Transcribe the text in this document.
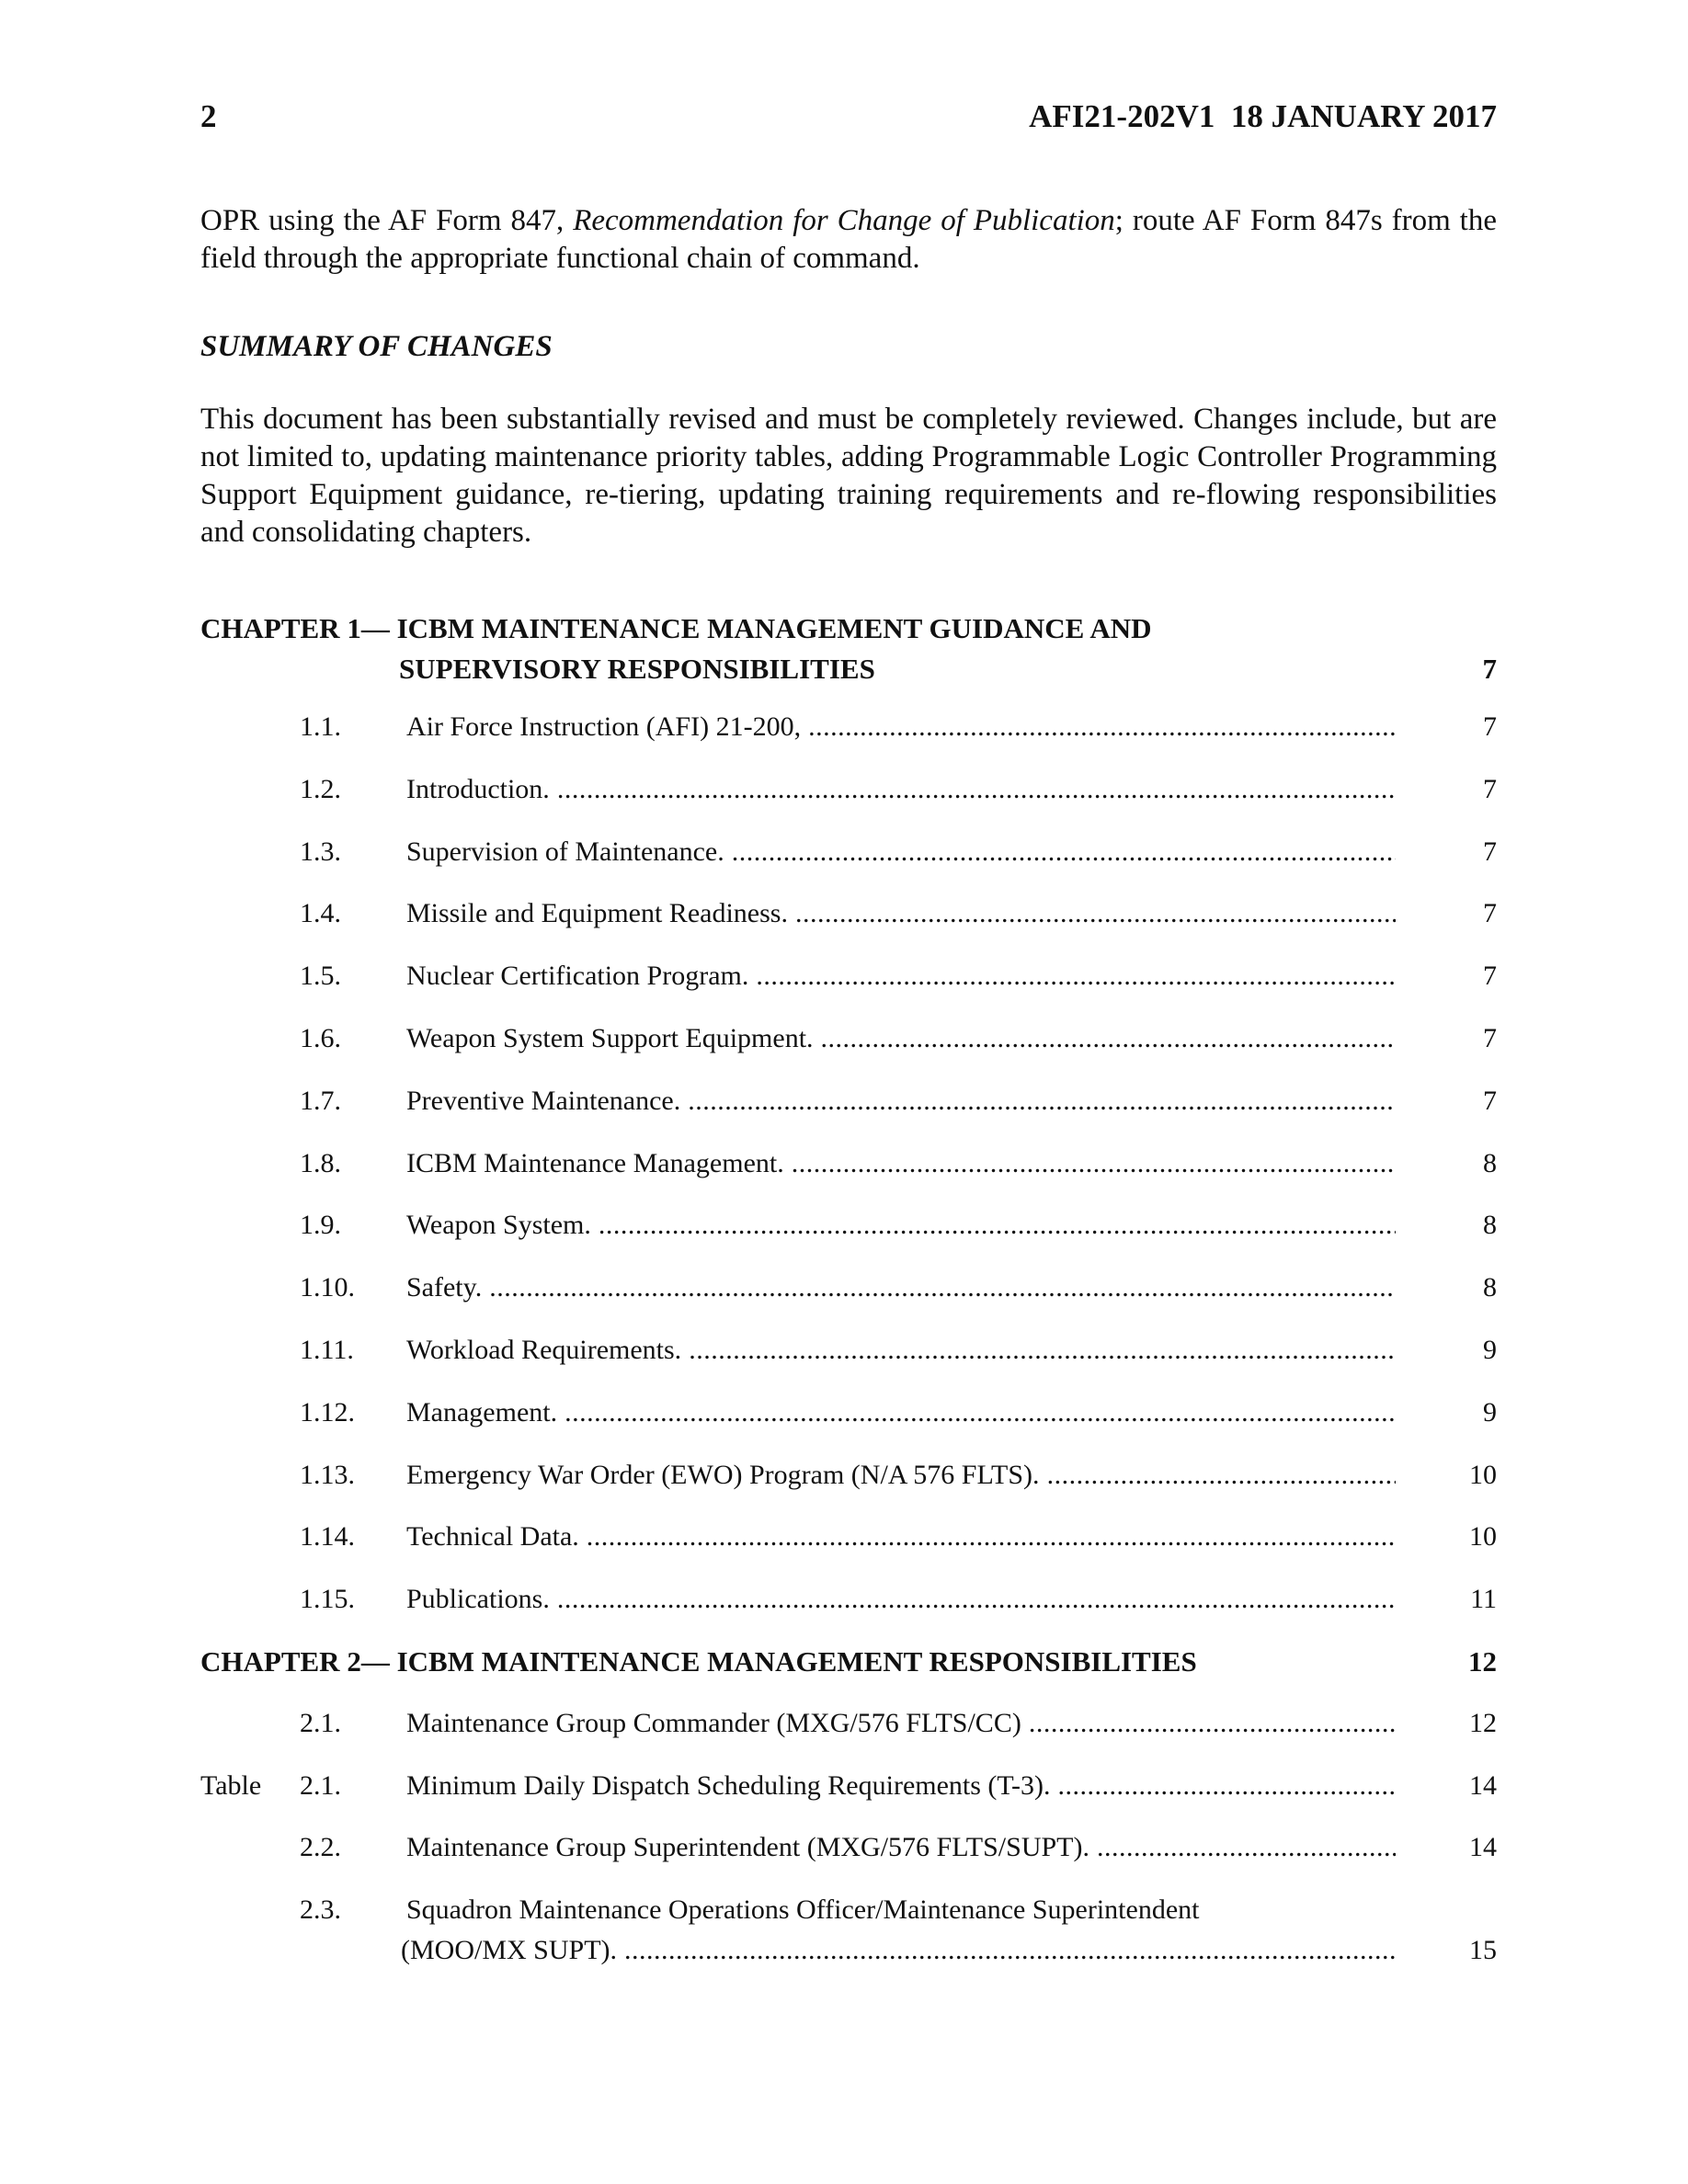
2	AFI21-202V1  18 JANUARY 2017
OPR using the AF Form 847, Recommendation for Change of Publication; route AF Form 847s from the field through the appropriate functional chain of command.
SUMMARY OF CHANGES
This document has been substantially revised and must be completely reviewed. Changes include, but are not limited to, updating maintenance priority tables, adding Programmable Logic Controller Programming Support Equipment guidance, re-tiering, updating training requirements and re-flowing responsibilities and consolidating chapters.
CHAPTER 1— ICBM MAINTENANCE MANAGEMENT GUIDANCE AND
SUPERVISORY RESPONSIBILITIES	7
1.1. Air Force Instruction (AFI) 21-200, .....	7
1.2. Introduction. .....	7
1.3. Supervision of Maintenance. .....	7
1.4. Missile and Equipment Readiness. .....	7
1.5. Nuclear Certification Program. .....	7
1.6. Weapon System Support Equipment. .....	7
1.7. Preventive Maintenance. .....	7
1.8. ICBM Maintenance Management. .....	8
1.9. Weapon System. .....	8
1.10. Safety. .....	8
1.11. Workload Requirements. .....	9
1.12. Management. .....	9
1.13. Emergency War Order (EWO) Program (N/A 576 FLTS). .....	10
1.14. Technical Data. .....	10
1.15. Publications. .....	11
CHAPTER 2— ICBM MAINTENANCE MANAGEMENT RESPONSIBILITIES	12
2.1. Maintenance Group Commander (MXG/576 FLTS/CC) .....	12
Table 2.1. Minimum Daily Dispatch Scheduling Requirements (T-3). .....	14
2.2. Maintenance Group Superintendent (MXG/576 FLTS/SUPT). .....	14
2.3. Squadron Maintenance Operations Officer/Maintenance Superintendent
(MOO/MX SUPT). .....	15
